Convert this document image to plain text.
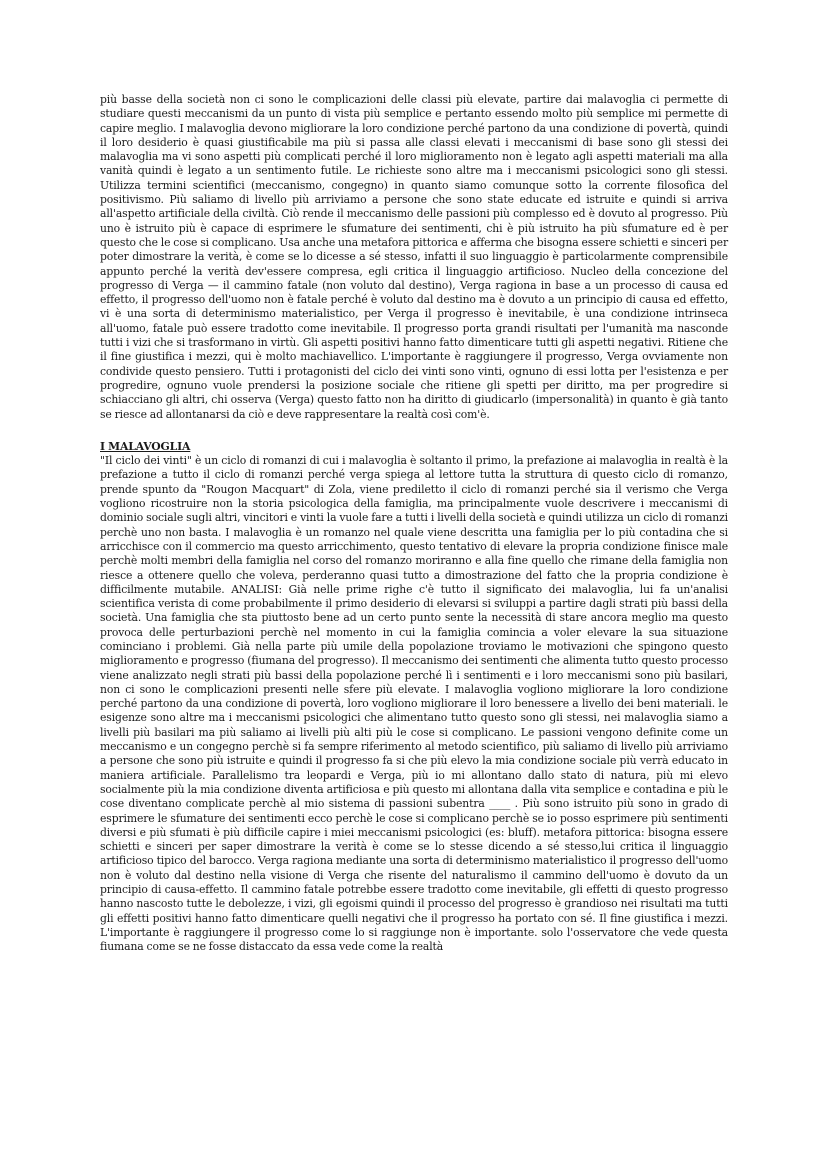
più basse della società non ci sono le complicazioni delle classi più elevate, partire dai malavoglia ci permette di studiare questi meccanismi da un punto di vista più semplice e pertanto essendo molto più semplice mi permette di capire meglio. I malavoglia devono migliorare la loro condizione perché partono da una condizione di povertà, quindi il loro desiderio è quasi giustificabile ma più si passa alle classi elevati i meccanismi di base sono gli stessi dei malavoglia ma vi sono aspetti più complicati perché il loro miglioramento non è legato agli aspetti materiali ma alla vanità quindi è legato a un sentimento futile. Le richieste sono altre ma i meccanismi psicologici sono gli stessi. Utilizza termini scientifici (meccanismo, congegno) in quanto siamo comunque sotto la corrente filosofica del positivismo. Più saliamo di livello più arriviamo a persone che sono state educate ed istruite e quindi si arriva all'aspetto artificiale della civiltà. Ciò rende il meccanismo delle passioni più complesso ed è dovuto al progresso. Più uno è istruito più è capace di esprimere le sfumature dei sentimenti, chi è più istruito ha più sfumature ed è per questo che le cose si complicano. Usa anche una metafora pittorica e afferma che bisogna essere schietti e sinceri per poter dimostrare la verità, è come se lo dicesse a sé stesso, infatti il suo linguaggio è particolarmente comprensibile appunto perché la verità dev'essere compresa, egli critica il linguaggio artificioso. Nucleo della concezione del progresso di Verga — il cammino fatale (non voluto dal destino), Verga ragiona in base a un processo di causa ed effetto, il progresso dell'uomo non è fatale perché è voluto dal destino ma è dovuto a un principio di causa ed effetto, vi è una sorta di determinismo materialistico, per Verga il progresso è inevitabile, è una condizione intrinseca all'uomo, fatale può essere tradotto come inevitabile. Il progresso porta grandi risultati per l'umanità ma nasconde tutti i vizi che si trasformano in virtù. Gli aspetti positivi hanno fatto dimenticare tutti gli aspetti negativi. Ritiene che il fine giustifica i mezzi, qui è molto machiavellico. L'importante è raggiungere il progresso, Verga ovviamente non condivide questo pensiero. Tutti i protagonisti del ciclo dei vinti sono vinti, ognuno di essi lotta per l'esistenza e per progredire, ognuno vuole prendersi la posizione sociale che ritiene gli spetti per diritto, ma per progredire si schiacciano gli altri, chi osserva (Verga) questo fatto non ha diritto di giudicarlo (impersonalità) in quanto è già tanto se riesce ad allontanarsi da ciò e deve rappresentare la realtà così com'è.

I MALAVOGLIA

"Il ciclo dei vinti" è un ciclo di romanzi di cui i malavoglia è soltanto il primo, la prefazione ai malavoglia in realtà è la prefazione a tutto il ciclo di romanzi perché verga spiega al lettore tutta la struttura di questo ciclo di romanzo, prende spunto da "Rougon Macquart" di Zola, viene prediletto il ciclo di romanzi perché sia il verismo che Verga vogliono ricostruire non la storia psicologica della famiglia, ma principalmente vuole descrivere i meccanismi di dominio sociale sugli altri, vincitori e vinti la vuole fare a tutti i livelli della società e quindi utilizza un ciclo di romanzi perchè uno non basta. I malavoglia è un romanzo nel quale viene descritta una famiglia per lo più contadina che si arricchisce con il commercio ma questo arricchimento, questo tentativo di elevare la propria condizione finisce male perchè molti membri della famiglia nel corso del romanzo moriranno e alla fine quello che rimane della famiglia non riesce a ottenere quello che voleva, perderanno quasi tutto a dimostrazione del fatto che la propria condizione è difficilmente mutabile. ANALISI: Già nelle prime righe c'è tutto il significato dei malavoglia, lui fa un'analisi scientifica verista di come probabilmente il primo desiderio di elevarsi si sviluppi a partire dagli strati più bassi della società. Una famiglia che sta piuttosto bene ad un certo punto sente la necessità di stare ancora meglio ma questo provoca delle perturbazioni perchè nel momento in cui la famiglia comincia a voler elevare la sua situazione cominciano i problemi. Già nella parte più umile della popolazione troviamo le motivazioni che spingono questo miglioramento e progresso (fiumana del progresso). Il meccanismo dei sentimenti che alimenta tutto questo processo viene analizzato negli strati più bassi della popolazione perché lì i sentimenti e i loro meccanismi sono più basilari, non ci sono le complicazioni presenti nelle sfere più elevate. I malavoglia vogliono migliorare la loro condizione perché partono da una condizione di povertà, loro vogliono migliorare il loro benessere a livello dei beni materiali. le esigenze sono altre ma i meccanismi psicologici che alimentano tutto questo sono gli stessi, nei malavoglia siamo a livelli più basilari ma più saliamo ai livelli più alti più le cose si complicano. Le passioni vengono definite come un meccanismo e un congegno perchè si fa sempre riferimento al metodo scientifico, più saliamo di livello più arriviamo a persone che sono più istruite e quindi il progresso fa si che più elevo la mia condizione sociale più verrà educato in maniera artificiale. Parallelismo tra leopardi e Verga, più io mi allontano dallo stato di natura, più mi elevo socialmente più la mia condizione diventa artificiosa e più questo mi allontana dalla vita semplice e contadina e più le cose diventano complicate perchè al mio sistema di passioni subentra ____ . Più sono istruito più sono in grado di esprimere le sfumature dei sentimenti ecco perchè le cose si complicano perchè se io posso esprimere più sentimenti diversi e più sfumati è più difficile capire i miei meccanismi psicologici (es: bluff). metafora pittorica: bisogna essere schietti e sinceri per saper dimostrare la verità è come se lo stesse dicendo a sé stesso,lui critica il linguaggio artificioso tipico del barocco. Verga ragiona mediante una sorta di determinismo materialistico il progresso dell'uomo non è voluto dal destino nella visione di Verga che risente del naturalismo il cammino dell'uomo è dovuto da un principio di causa-effetto. Il cammino fatale potrebbe essere tradotto come inevitabile, gli effetti di questo progresso hanno nascosto tutte le debolezze, i vizi, gli egoismi quindi il processo del progresso è grandioso nei risultati ma tutti gli effetti positivi hanno fatto dimenticare quelli negativi che il progresso ha portato con sé. Il fine giustifica i mezzi. L'importante è raggiungere il progresso come lo si raggiunge non è importante. solo l'osservatore che vede questa fiumana come se ne fosse distaccato da essa vede come la realtà
